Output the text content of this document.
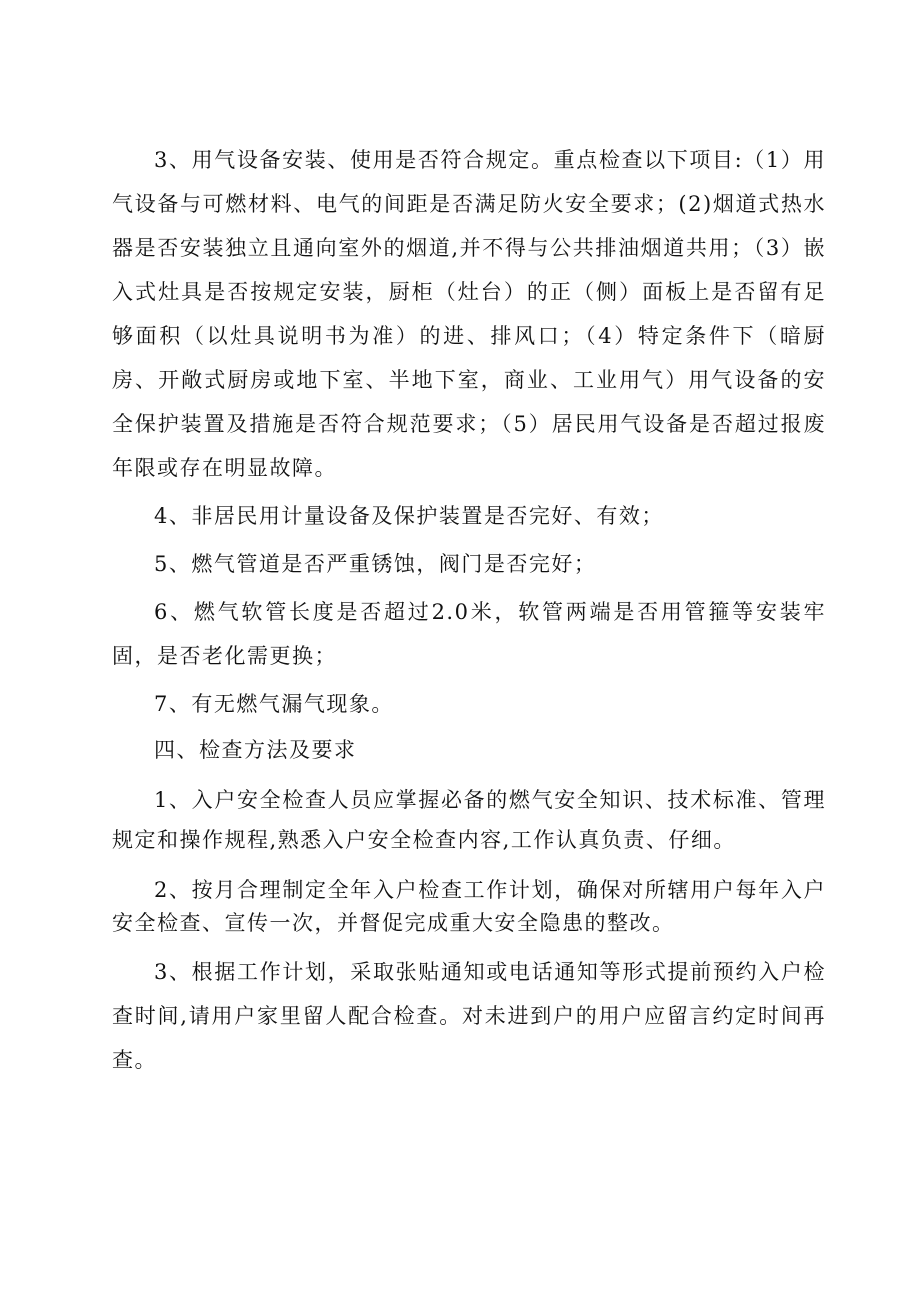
3、用气设备安装、使用是否符合规定。重点检查以下项目:（1）用气设备与可燃材料、电气的间距是否满足防火安全要求；(2)烟道式热水器是否安装独立且通向室外的烟道,并不得与公共排油烟道共用；（3）嵌入式灶具是否按规定安装，厨柜（灶台）的正（侧）面板上是否留有足够面积（以灶具说明书为准）的进、排风口；（4）特定条件下（暗厨房、开敞式厨房或地下室、半地下室，商业、工业用气）用气设备的安全保护装置及措施是否符合规范要求；（5）居民用气设备是否超过报废年限或存在明显故障。

4、非居民用计量设备及保护装置是否完好、有效；

5、燃气管道是否严重锈蚀，阀门是否完好；

6、燃气软管长度是否超过2.0米，软管两端是否用管箍等安装牢固，是否老化需更换；

7、有无燃气漏气现象。

四、检查方法及要求

1、入户安全检查人员应掌握必备的燃气安全知识、技术标准、管理规定和操作规程,熟悉入户安全检查内容,工作认真负责、仔细。

2、按月合理制定全年入户检查工作计划，确保对所辖用户每年入户安全检查、宣传一次，并督促完成重大安全隐患的整改。

3、根据工作计划，采取张贴通知或电话通知等形式提前预约入户检查时间,请用户家里留人配合检查。对未进到户的用户应留言约定时间再查。
